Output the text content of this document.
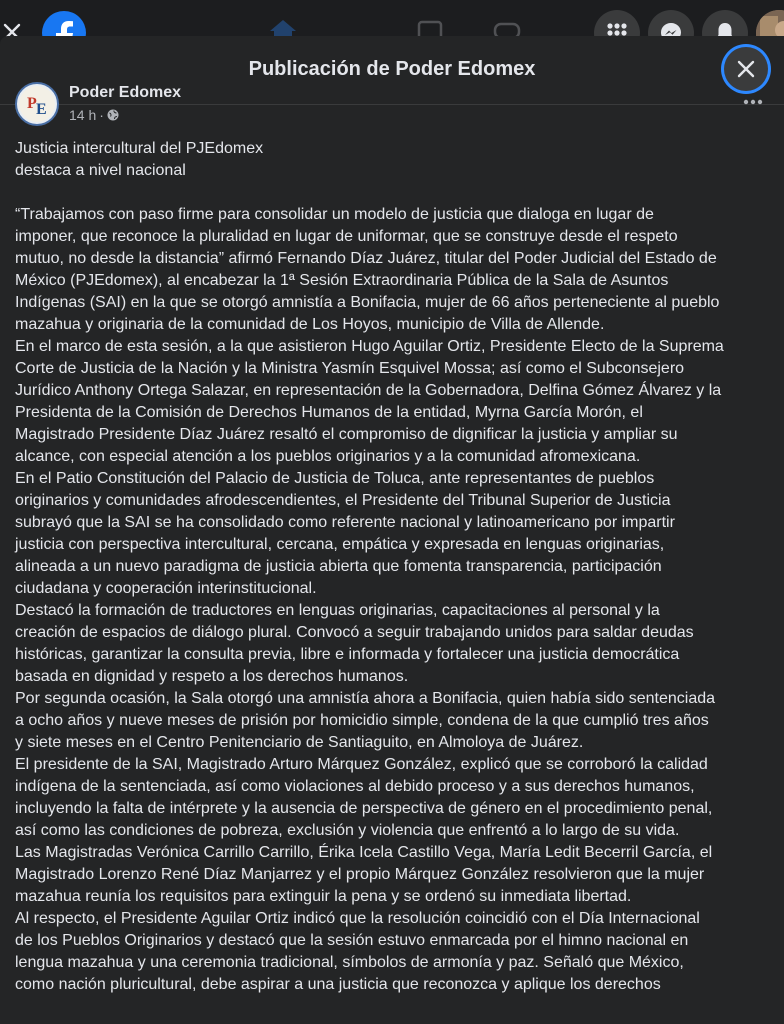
Publicación de Poder Edomex
P E
Poder Edomex
14 h ·

Justicia intercultural del PJEdomex
destaca a nivel nacional

“Trabajamos con paso firme para consolidar un modelo de justicia que dialoga en lugar de
imponer, que reconoce la pluralidad en lugar de uniformar, que se construye desde el respeto
mutuo, no desde la distancia” afirmó Fernando Díaz Juárez, titular del Poder Judicial del Estado de
México (PJEdomex), al encabezar la 1ª Sesión Extraordinaria Pública de la Sala de Asuntos
Indígenas (SAI) en la que se otorgó amnistía a Bonifacia, mujer de 66 años perteneciente al pueblo
mazahua y originaria de la comunidad de Los Hoyos, municipio de Villa de Allende.

En el marco de esta sesión, a la que asistieron Hugo Aguilar Ortiz, Presidente Electo de la Suprema
Corte de Justicia de la Nación y la Ministra Yasmín Esquivel Mossa; así como el Subconsejero
Jurídico Anthony Ortega Salazar, en representación de la Gobernadora, Delfina Gómez Álvarez y la
Presidenta de la Comisión de Derechos Humanos de la entidad, Myrna García Morón, el
Magistrado Presidente Díaz Juárez resaltó el compromiso de dignificar la justicia y ampliar su
alcance, con especial atención a los pueblos originarios y a la comunidad afromexicana.

En el Patio Constitución del Palacio de Justicia de Toluca, ante representantes de pueblos
originarios y comunidades afrodescendientes, el Presidente del Tribunal Superior de Justicia
subrayó que la SAI se ha consolidado como referente nacional y latinoamericano por impartir
justicia con perspectiva intercultural, cercana, empática y expresada en lenguas originarias,
alineada a un nuevo paradigma de justicia abierta que fomenta transparencia, participación
ciudadana y cooperación interinstitucional.

Destacó la formación de traductores en lenguas originarias, capacitaciones al personal y la
creación de espacios de diálogo plural. Convocó a seguir trabajando unidos para saldar deudas
históricas, garantizar la consulta previa, libre e informada y fortalecer una justicia democrática
basada en dignidad y respeto a los derechos humanos.

Por segunda ocasión, la Sala otorgó una amnistía ahora a Bonifacia, quien había sido sentenciada
a ocho años y nueve meses de prisión por homicidio simple, condena de la que cumplió tres años
y siete meses en el Centro Penitenciario de Santiaguito, en Almoloya de Juárez.

El presidente de la SAI, Magistrado Arturo Márquez González, explicó que se corroboró la calidad
indígena de la sentenciada, así como violaciones al debido proceso y a sus derechos humanos,
incluyendo la falta de intérprete y la ausencia de perspectiva de género en el procedimiento penal,
así como las condiciones de pobreza, exclusión y violencia que enfrentó a lo largo de su vida.

Las Magistradas Verónica Carrillo Carrillo, Érika Icela Castillo Vega, María Ledit Becerril García, el
Magistrado Lorenzo René Díaz Manjarrez y el propio Márquez González resolvieron que la mujer
mazahua reunía los requisitos para extinguir la pena y se ordenó su inmediata libertad.

Al respecto, el Presidente Aguilar Ortiz indicó que la resolución coincidió con el Día Internacional
de los Pueblos Originarios y destacó que la sesión estuvo enmarcada por el himno nacional en
lengua mazahua y una ceremonia tradicional, símbolos de armonía y paz. Señaló que México,
como nación pluricultural, debe aspirar a una justicia que reconozca y aplique los derechos
